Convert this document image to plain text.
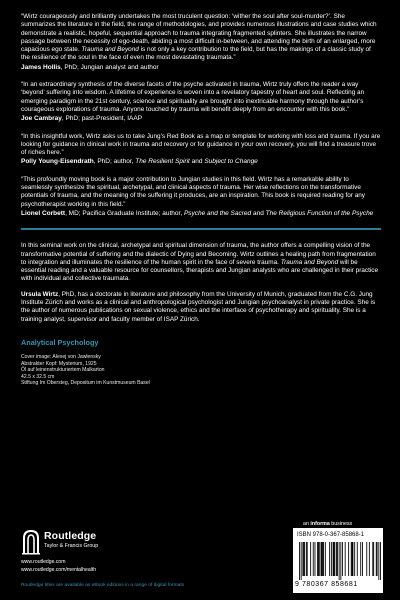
“Wirtz courageously and brilliantly undertakes the most truculent question: ‘wither the soul after soul-murder?’. She summarizes the literature in the field, the range of methodologies, and provides numerous illustrations and case studies which demonstrate a realistic, hopeful, sequential approach to trauma integrating fragmented splinters. She illustrates the narrow passage between the necessity of ego-death, abiding a most difficult in-between, and attending the birth of an enlarged, more capacious ego state. Trauma and Beyond is not only a key contribution to the field, but has the makings of a classic study of the resilience of the soul in the face of even the most devastating traumata.”

James Hollis, PhD; Jungian analyst and author

“In an extraordinary synthesis of the diverse facets of the psyche activated in trauma, Wirtz truly offers the reader a way ‘beyond’ suffering into wisdom. A lifetime of experience is woven into a revelatory tapestry of heart and soul. Reflecting an emerging paradigm in the 21st century, science and spirituality are brought into inextricable harmony through the author’s courageous explorations of trauma. Anyone touched by trauma will benefit deeply from an encounter with this book.”

Joe Cambray, PhD; past-President, IAAP

“In this insightful work, Wirtz asks us to take Jung’s Red Book as a map or template for working with loss and trauma. If you are looking for guidance in clinical work in trauma and recovery or for guidance in your own recovery, you will find a treasure trove of riches here.”

Polly Young-Eisendrath, PhD; author, The Resilient Spirit and Subject to Change

“This profoundly moving book is a major contribution to Jungian studies in this field. Wirtz has a remarkable ability to seamlessly synthesize the spiritual, archetypal, and clinical aspects of trauma. Her wise reflections on the transformative potentials of trauma, and the meaning of the suffering it produces, are an inspiration. This book is required reading for any psychotherapist working in this field.”

Lionel Corbett, MD; Pacifica Graduate Institute; author, Psyche and the Sacred and The Religious Function of the Psyche

In this seminal work on the clinical, archetypal and spiritual dimension of trauma, the author offers a compelling vision of the transformative potential of suffering and the dialectic of Dying and Becoming. Wirtz outlines a healing path from fragmentation to integration and illuminates the resilience of the human spirit in the face of severe trauma. Trauma and Beyond will be essential reading and a valuable resource for counsellors, therapists and Jungian analysts who are challenged in their practice with individual and collective traumata.

Ursula Wirtz, PhD, has a doctorate in literature and philosophy from the University of Munich, graduated from the C.G. Jung Institute Zürich and works as a clinical and anthropological psychologist and Jungian psychoanalyst in private practice. She is the author of numerous publications on sexual violence, ethics and the interface of psychotherapy and spirituality. She is a training analyst, supervisor and faculty member of ISAP Zürich.

Analytical Psychology
Cover image: Alexej von Jawlensky
Abstrakter Kopf: Mysterium, 1925
Öl auf leinenstrukturiertem Malkarton
42.5 x 32.5 cm
Stiftung Im Obersteg, Depositum im Kunstmuseum Basel
Routledge
Taylor & Francis Group
www.routledge.com
www.routledge.com/mentalhealth
Routledge titles are available as eBook editions in a range of digital formats
an informa business
ISBN 978-0-367-85868-1
9 780367 858681
